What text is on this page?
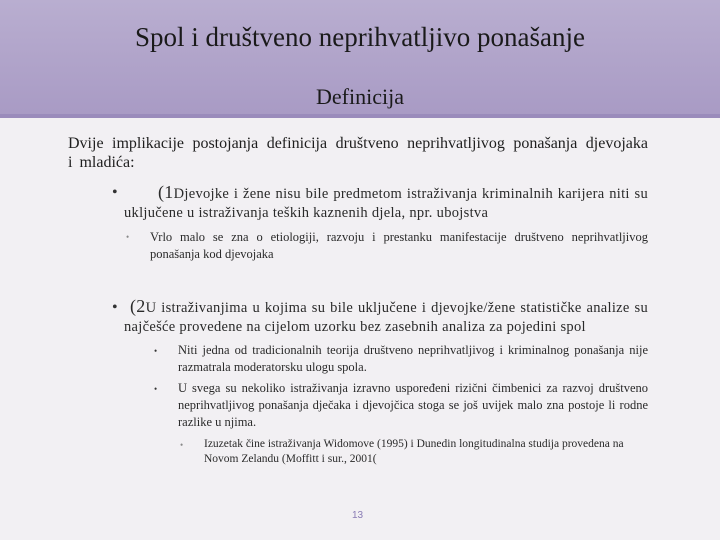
Spol i društveno neprihvatljivo ponašanje
Definicija

Dvije implikacije postojanja definicija društveno neprihvatljivog ponašanja djevojaka i mladića:

•	(1Djevojke i žene nisu bile predmetom istraživanja kriminalnih karijera niti su uključene u istraživanja teških kaznenih djela, npr. ubojstva
• Vrlo malo se zna o etiologiji, razvoju i prestanku manifestacije društveno neprihvatljivog ponašanja kod djevojaka
• (2U istraživanjima u kojima su bile uključene i djevojke/žene statističke analize su najčešće provedene na cijelom uzorku bez zasebnih analiza za pojedini spol
• Niti jedna od tradicionalnih teorija društveno neprihvatljivog i kriminalnog ponašanja nije razmatrala moderatorsku ulogu spola.
• U svega su nekoliko istraživanja izravno uspoređeni rizični čimbenici za razvoj društveno neprihvatljivog ponašanja dječaka i djevojčica stoga se još uvijek malo znа postoje li rodne razlike u njima.
• Izuzetak čine istraživanja Widomove (1995) i Dunedin longitudinalna studija provedena na Novom Zelandu (Moffitt i sur., 2001(
13
